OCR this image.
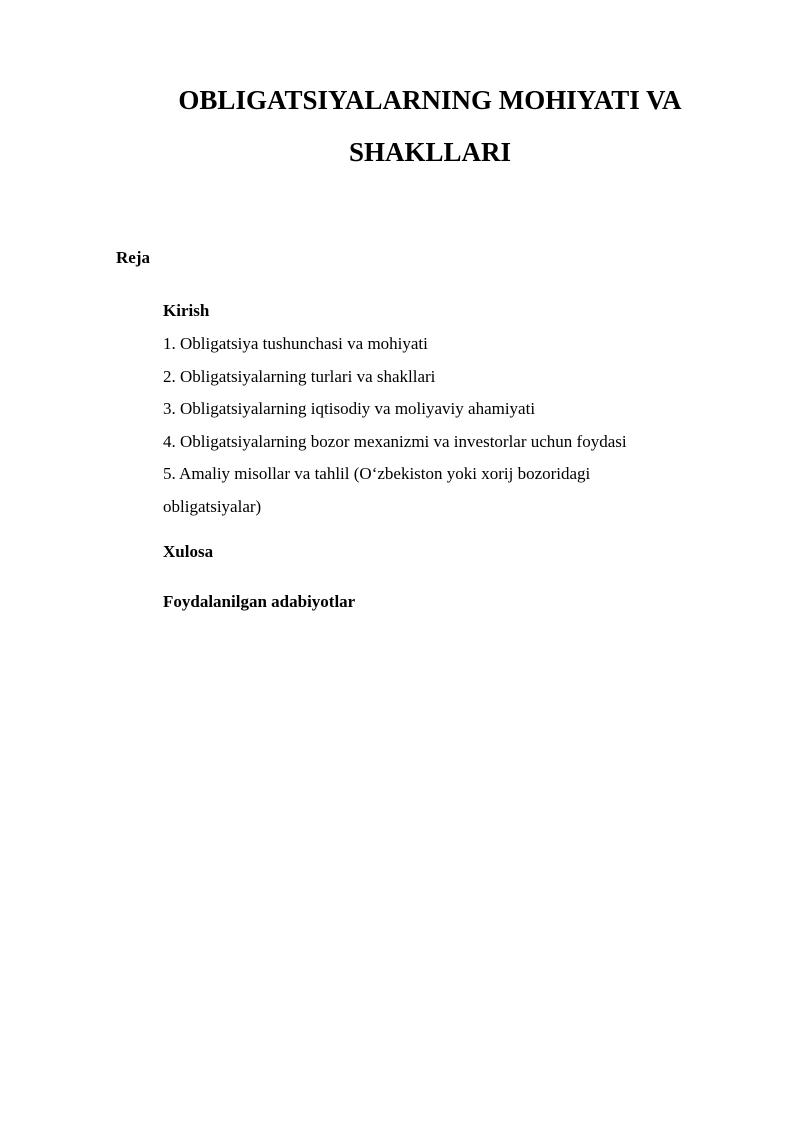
OBLIGATSIYALARNING MOHIYATI VA
SHAKLLARI

Reja

Kirish

1. Obligatsiya tushunchasi va mohiyati

2. Obligatsiyalarning turlari va shakllari

3. Obligatsiyalarning iqtisodiy va moliyaviy ahamiyati

4. Obligatsiyalarning bozor mexanizmi va investorlar uchun foydasi

5. Amaliy misollar va tahlil (O‘zbekiston yoki xorij bozoridagi

obligatsiyalar)

Xulosa

Foydalanilgan adabiyotlar
